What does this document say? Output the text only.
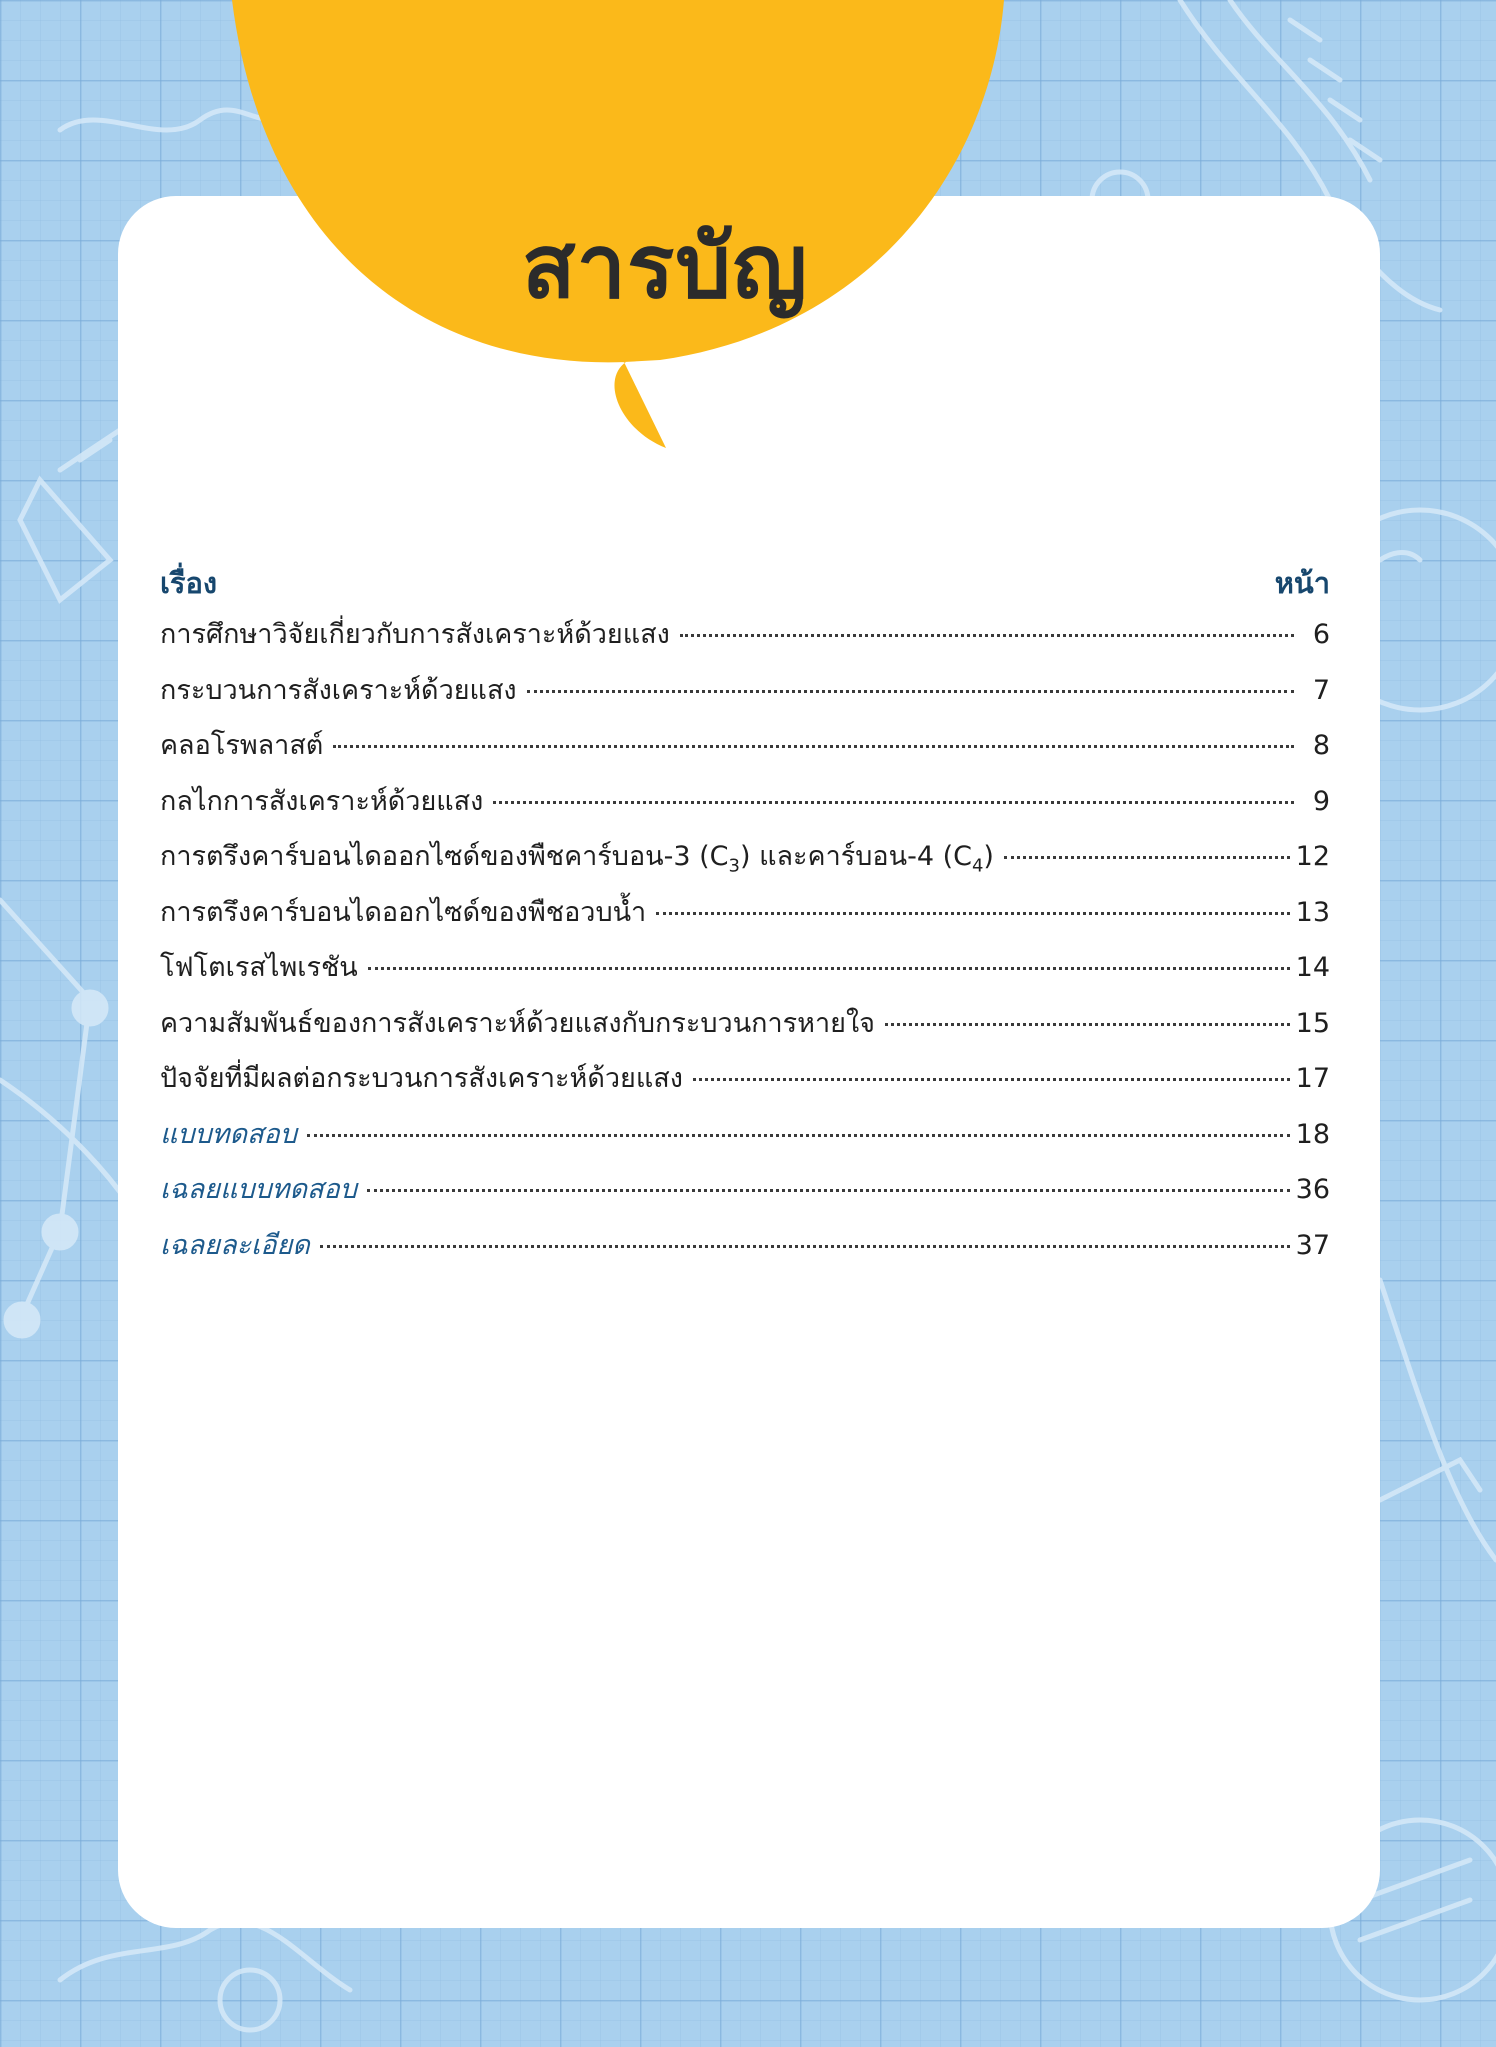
สารบัญ
เรื่อง	หน้า
การศึกษาวิจัยเกี่ยวกับการสังเคราะห์ด้วยแสง	6
กระบวนการสังเคราะห์ด้วยแสง	7
คลอโรพลาสต์	8
กลไกการสังเคราะห์ด้วยแสง	9
การตรึงคาร์บอนไดออกไซด์ของพืชคาร์บอน-3 $(C_3)$ และคาร์บอน-4 $(C_4)$	12
การตรึงคาร์บอนไดออกไซด์ของพืชอวบน้ำ	13
โฟโตเรสไพเรชัน	14
ความสัมพันธ์ของการสังเคราะห์ด้วยแสงกับกระบวนการหายใจ	15
ปัจจัยที่มีผลต่อกระบวนการสังเคราะห์ด้วยแสง	17
แบบทดสอบ	18
เฉลยแบบทดสอบ	36
เฉลยละเอียด	37
